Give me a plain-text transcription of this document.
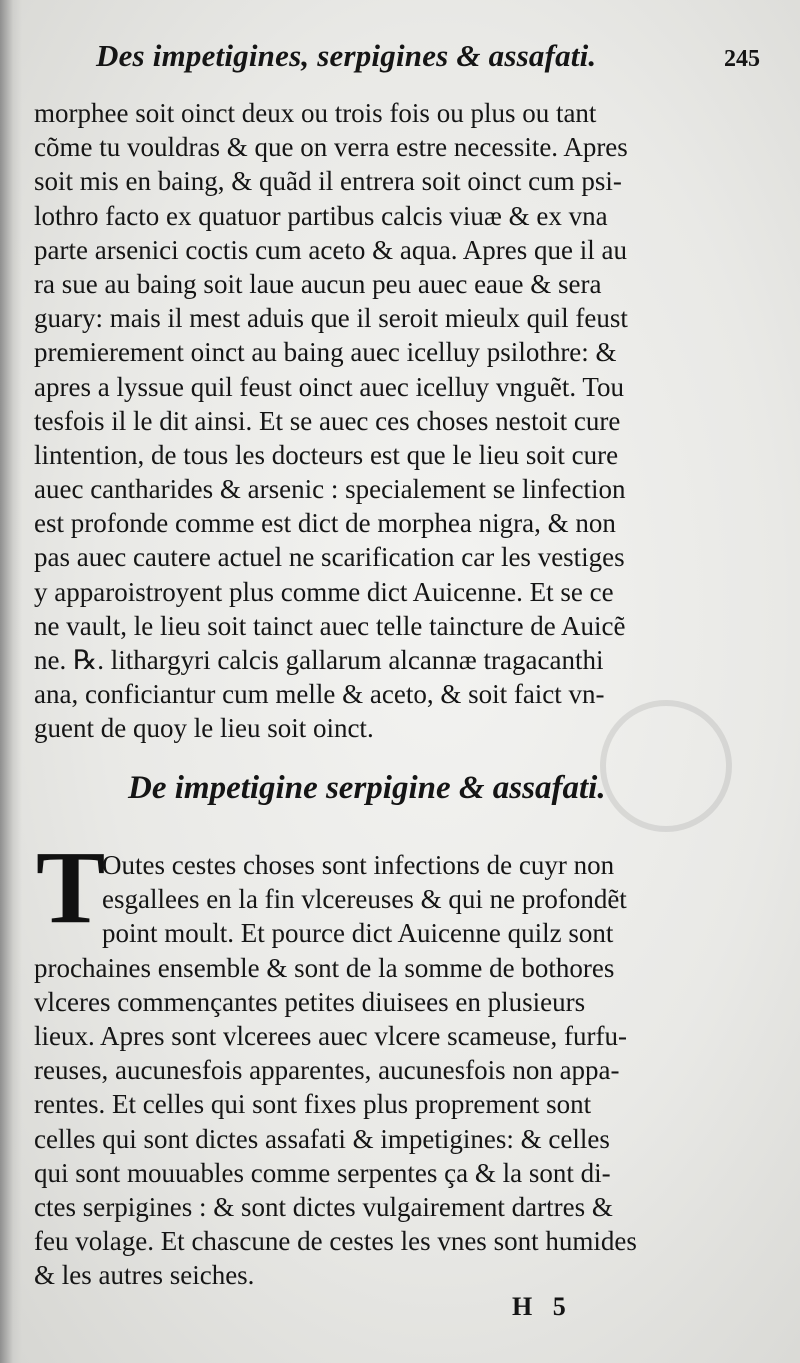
Des impetigines, serpigines & assafati.	245
morphee soit oinct deux ou trois fois ou plus ou tant
cõme tu vouldras & que on verra estre necessite. Apres
soit mis en baing, & quãd il entrera soit oinct cum psi-
lothro facto ex quatuor partibus calcis viuæ & ex vna
parte arsenici coctis cum aceto & aqua. Apres que il au
ra sue au baing soit laue aucun peu auec eaue & sera
guary: mais il mest aduis que il seroit mieulx quil feust
premierement oinct au baing auec icelluy psilothre: &
apres a lyssue quil feust oinct auec icelluy vnguẽt. Tou
tesfois il le dit ainsi. Et se auec ces choses nestoit cure
lintention, de tous les docteurs est que le lieu soit cure
auec cantharides & arsenic : specialement se linfection
est profonde comme est dict de morphea nigra, & non
pas auec cautere actuel ne scarification car les vestiges
y apparoistroyent plus comme dict Auicenne. Et se ce
ne vault, le lieu soit tainct auec telle taincture de Auicẽ
ne. ℞. lithargyri calcis gallarum alcannæ tragacanthi
ana, conficiantur cum melle & aceto, & soit faict vn-
guent de quoy le lieu soit oinct.
De impetigine serpigine & assafati.
T
Outes cestes choses sont infections de cuyr non
esgallees en la fin vlcereuses & qui ne profondẽt
point moult. Et pource dict Auicenne quilz sont
prochaines ensemble & sont de la somme de bothores
vlceres commençantes petites diuisees en plusieurs
lieux. Apres sont vlcerees auec vlcere scameuse, furfu-
reuses, aucunesfois apparentes, aucunesfois non appa-
rentes. Et celles qui sont fixes plus proprement sont
celles qui sont dictes assafati & impetigines: & celles
qui sont mouuables comme serpentes ça & la sont di-
ctes serpigines : & sont dictes vulgairement dartres &
feu volage. Et chascune de cestes les vnes sont humides
& les autres seiches.
H 5
